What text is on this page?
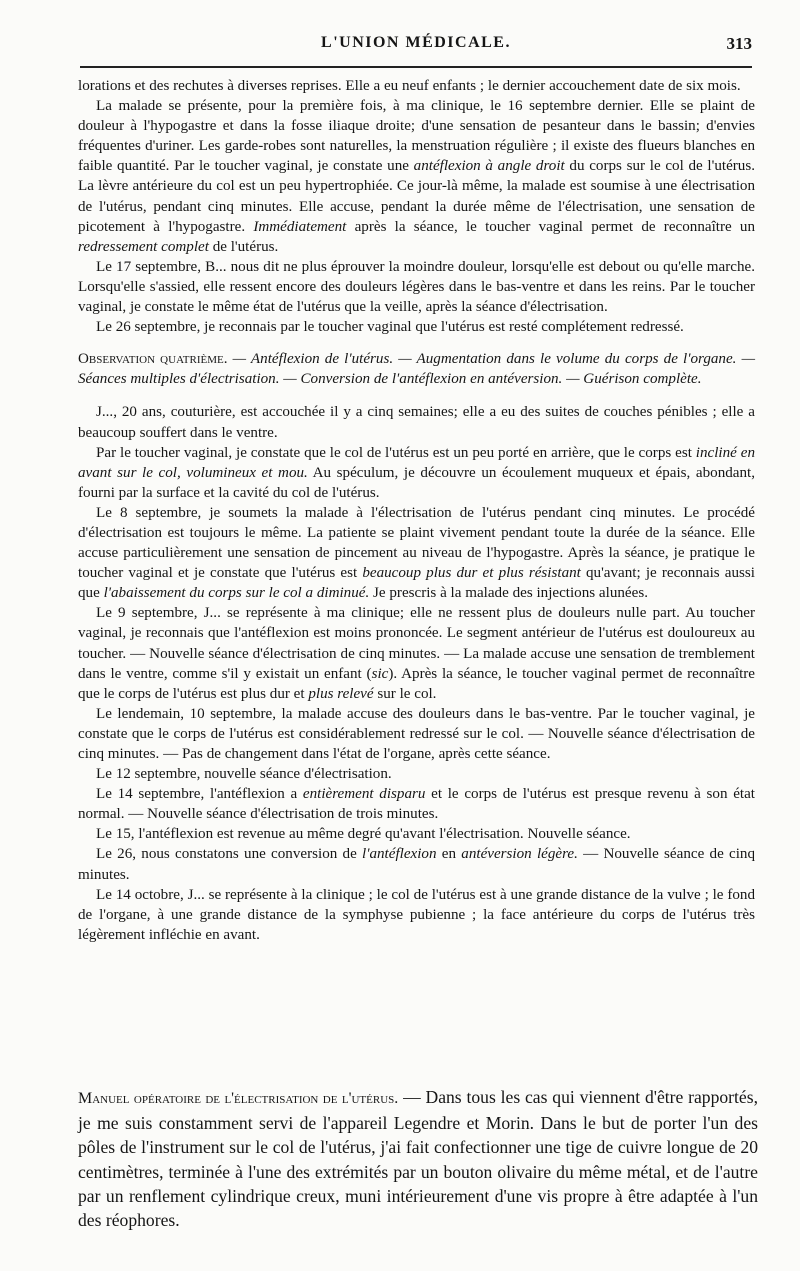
L'UNION MÉDICALE.	313

lorations et des rechutes à diverses reprises. Elle a eu neuf enfants ; le dernier accouchement date de six mois.

La malade se présente, pour la première fois, à ma clinique, le 16 septembre dernier. Elle se plaint de douleur à l'hypogastre et dans la fosse iliaque droite; d'une sensation de pesanteur dans le bassin; d'envies fréquentes d'uriner. Les garde-robes sont naturelles, la menstruation régulière ; il existe des flueurs blanches en faible quantité. Par le toucher vaginal, je constate une antéflexion à angle droit du corps sur le col de l'utérus. La lèvre antérieure du col est un peu hypertrophiée. Ce jour-là même, la malade est soumise à une électrisation de l'utérus, pendant cinq minutes. Elle accuse, pendant la durée même de l'électrisation, une sensation de picotement à l'hypogastre. Immédiatement après la séance, le toucher vaginal permet de reconnaître un redressement complet de l'utérus.

Le 17 septembre, B... nous dit ne plus éprouver la moindre douleur, lorsqu'elle est debout ou qu'elle marche. Lorsqu'elle s'assied, elle ressent encore des douleurs légères dans le bas-ventre et dans les reins. Par le toucher vaginal, je constate le même état de l'utérus que la veille, après la séance d'électrisation.

Le 26 septembre, je reconnais par le toucher vaginal que l'utérus est resté complétement redressé.

Observation quatrième. — Antéflexion de l'utérus. — Augmentation dans le volume du corps de l'organe. — Séances multiples d'électrisation. — Conversion de l'antéflexion en antéversion. — Guérison complète.

J..., 20 ans, couturière, est accouchée il y a cinq semaines; elle a eu des suites de couches pénibles ; elle a beaucoup souffert dans le ventre.

Par le toucher vaginal, je constate que le col de l'utérus est un peu porté en arrière, que le corps est incliné en avant sur le col, volumineux et mou. Au spéculum, je découvre un écoulement muqueux et épais, abondant, fourni par la surface et la cavité du col de l'utérus.

Le 8 septembre, je soumets la malade à l'électrisation de l'utérus pendant cinq minutes. Le procédé d'électrisation est toujours le même. La patiente se plaint vivement pendant toute la durée de la séance. Elle accuse particulièrement une sensation de pincement au niveau de l'hypogastre. Après la séance, je pratique le toucher vaginal et je constate que l'utérus est beaucoup plus dur et plus résistant qu'avant; je reconnais aussi que l'abaissement du corps sur le col a diminué. Je prescris à la malade des injections alunées.

Le 9 septembre, J... se représente à ma clinique; elle ne ressent plus de douleurs nulle part. Au toucher vaginal, je reconnais que l'antéflexion est moins prononcée. Le segment antérieur de l'utérus est douloureux au toucher. — Nouvelle séance d'électrisation de cinq minutes. — La malade accuse une sensation de tremblement dans le ventre, comme s'il y existait un enfant (sic). Après la séance, le toucher vaginal permet de reconnaître que le corps de l'utérus est plus dur et plus relevé sur le col.

Le lendemain, 10 septembre, la malade accuse des douleurs dans le bas-ventre. Par le toucher vaginal, je constate que le corps de l'utérus est considérablement redressé sur le col. — Nouvelle séance d'électrisation de cinq minutes. — Pas de changement dans l'état de l'organe, après cette séance.

Le 12 septembre, nouvelle séance d'électrisation.

Le 14 septembre, l'antéflexion a entièrement disparu et le corps de l'utérus est presque revenu à son état normal. — Nouvelle séance d'électrisation de trois minutes.

Le 15, l'antéflexion est revenue au même degré qu'avant l'électrisation. Nouvelle séance.

Le 26, nous constatons une conversion de l'antéflexion en antéversion légère. — Nouvelle séance de cinq minutes.

Le 14 octobre, J... se représente à la clinique ; le col de l'utérus est à une grande distance de la vulve ; le fond de l'organe, à une grande distance de la symphyse pubienne ; la face antérieure du corps de l'utérus très légèrement infléchie en avant.

Manuel opératoire de l'électrisation de l'utérus. — Dans tous les cas qui viennent d'être rapportés, je me suis constamment servi de l'appareil Legendre et Morin. Dans le but de porter l'un des pôles de l'instrument sur le col de l'utérus, j'ai fait confectionner une tige de cuivre longue de 20 centimètres, terminée à l'une des extrémités par un bouton olivaire du même métal, et de l'autre par un renflement cylindrique creux, muni intérieurement d'une vis propre à être adaptée à l'un des réophores.
